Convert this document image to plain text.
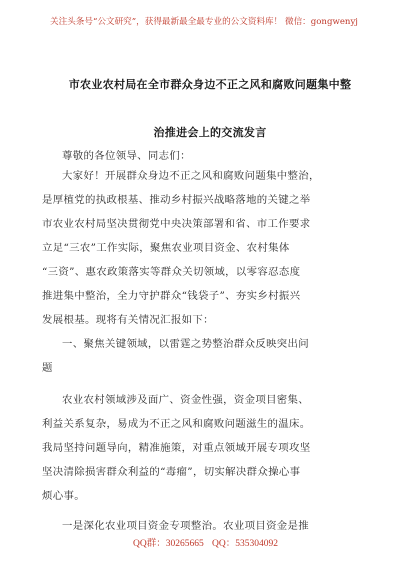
关注头条号“公文研究”，获得最新最全最专业的公文资料库！ 微信：gongwenyj
市农业农村局在全市群众身边不正之风和腐败问题集中整
治推进会上的交流发言
尊敬的各位领导、同志们：
大家好！开展群众身边不正之风和腐败问题集中整治，
是厚植党的执政根基、推动乡村振兴战略落地的关键之举
市农业农村局坚决贯彻党中央决策部署和省、市工作要求
立足“三农”工作实际，聚焦农业项目资金、农村集体
“三资”、惠农政策落实等群众关切领域，以零容忍态度
推进集中整治，全力守护群众“钱袋子”、夯实乡村振兴
发展根基。现将有关情况汇报如下：
一、聚焦关键领域，以雷霆之势整治群众反映突出问
题
农业农村领域涉及面广、资金性强，资金项目密集、
利益关系复杂，易成为不正之风和腐败问题滋生的温床。
我局坚持问题导向，精准施策，对重点领域开展专项攻坚
坚决清除损害群众利益的“毒瘤”，切实解决群众操心事
烦心事。
一是深化农业项目资金专项整治。农业项目资金是推
QQ群：30265665 QQ：535304092
